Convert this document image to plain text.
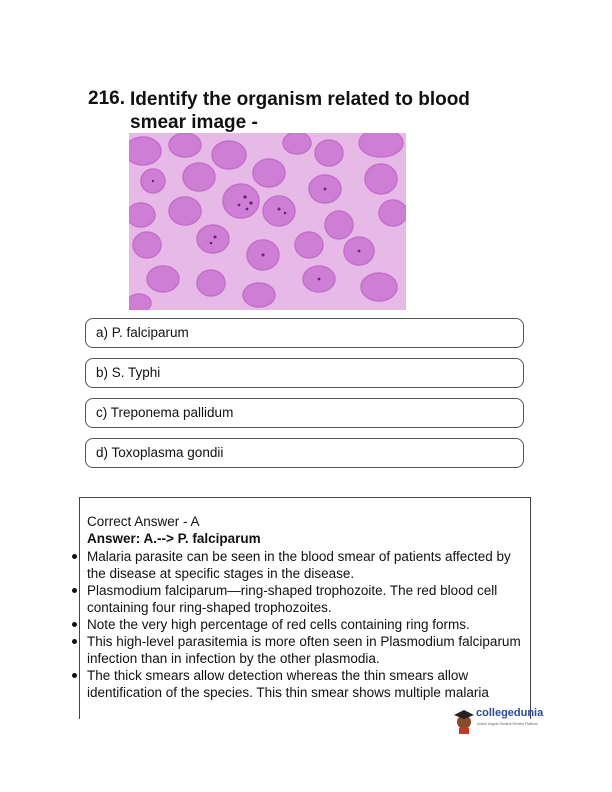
216. Identify the organism related to blood smear image -
a) P. falciparum
b) S. Typhi
c) Treponema pallidum
d) Toxoplasma gondii
Correct Answer - A
Answer: A.--> P. falciparum
Malaria parasite can be seen in the blood smear of patients affected by the disease at specific stages in the disease.
Plasmodium falciparum—ring-shaped trophozoite. The red blood cell containing four ring-shaped trophozoites.
Note the very high percentage of red cells containing ring forms.
This high-level parasitemia is more often seen in Plasmodium falciparum infection than in infection by the other plasmodia.
The thick smears allow detection whereas the thin smears allow identification of the species. This thin smear shows multiple malaria
collegedunia
India's largest Student Review Platform
